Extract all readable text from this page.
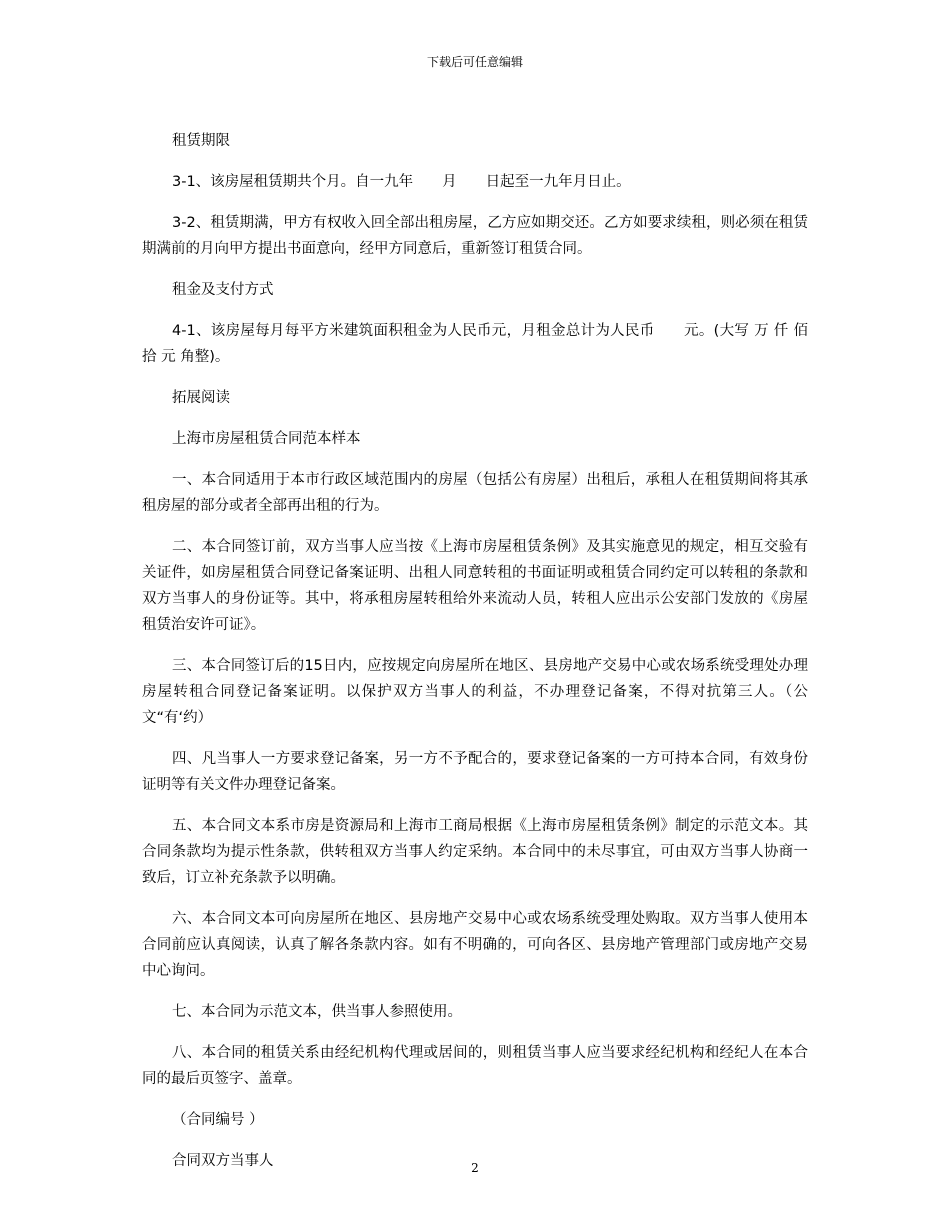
下载后可任意编辑

租赁期限

3-1、该房屋租赁期共个月。自一九年　　月　　日起至一九年月日止。

3-2、租赁期满，甲方有权收入回全部出租房屋，乙方应如期交还。乙方如要求续租，则必须在租赁期满前的月向甲方提出书面意向，经甲方同意后，重新签订租赁合同。

租金及支付方式

4-1、该房屋每月每平方米建筑面积租金为人民币元，月租金总计为人民币　　元。(大写 万 仟 佰 拾 元 角整)。

拓展阅读

上海市房屋租赁合同范本样本

一、本合同适用于本市行政区域范围内的房屋（包括公有房屋）出租后，承租人在租赁期间将其承租房屋的部分或者全部再出租的行为。

二、本合同签订前，双方当事人应当按《上海市房屋租赁条例》及其实施意见的规定，相互交验有关证件，如房屋租赁合同登记备案证明、出租人同意转租的书面证明或租赁合同约定可以转租的条款和双方当事人的身份证等。其中，将承租房屋转租给外来流动人员，转租人应出示公安部门发放的《房屋租赁治安许可证》。

三、本合同签订后的15日内，应按规定向房屋所在地区、县房地产交易中心或农场系统受理处办理房屋转租合同登记备案证明。以保护双方当事人的利益，不办理登记备案，不得对抗第三人。（公文“有‘约）

四、凡当事人一方要求登记备案，另一方不予配合的，要求登记备案的一方可持本合同，有效身份证明等有关文件办理登记备案。

五、本合同文本系市房是资源局和上海市工商局根据《上海市房屋租赁条例》制定的示范文本。其合同条款均为提示性条款，供转租双方当事人约定采纳。本合同中的未尽事宜，可由双方当事人协商一致后，订立补充条款予以明确。

六、本合同文本可向房屋所在地区、县房地产交易中心或农场系统受理处购取。双方当事人使用本合同前应认真阅读，认真了解各条款内容。如有不明确的，可向各区、县房地产管理部门或房地产交易中心询问。

七、本合同为示范文本，供当事人参照使用。

八、本合同的租赁关系由经纪机构代理或居间的，则租赁当事人应当要求经纪机构和经纪人在本合同的最后页签字、盖章。

（合同编号 ）

合同双方当事人	2
